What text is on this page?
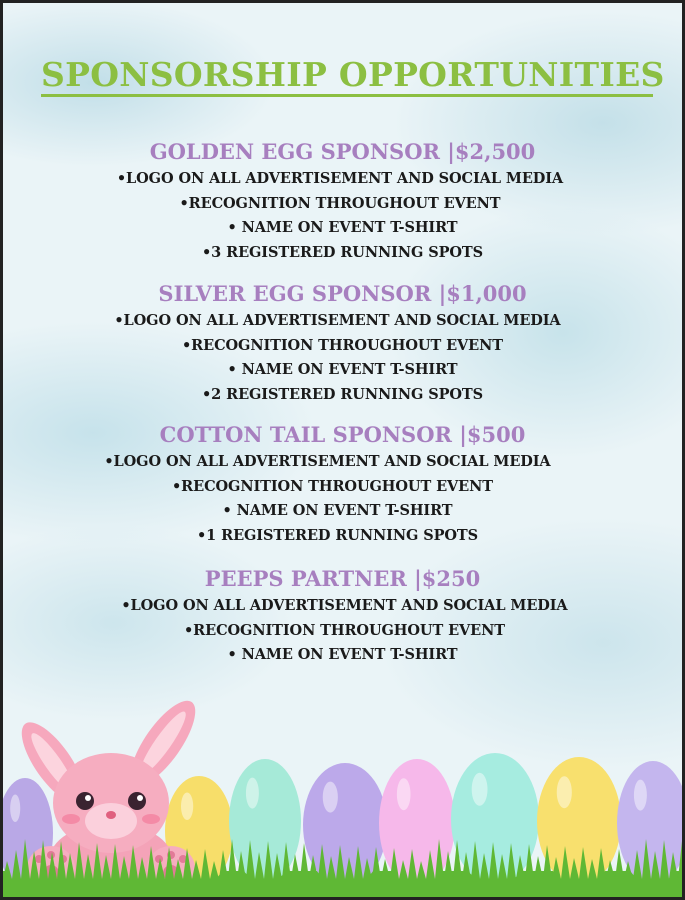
SPONSORSHIP OPPORTUNITIES
GOLDEN EGG SPONSOR |$2,500
•LOGO ON ALL ADVERTISEMENT AND SOCIAL MEDIA
•RECOGNITION THROUGHOUT EVENT
• NAME ON EVENT T-SHIRT
•3 REGISTERED RUNNING SPOTS
SILVER EGG SPONSOR |$1,000
•LOGO ON ALL ADVERTISEMENT AND SOCIAL MEDIA
•RECOGNITION THROUGHOUT EVENT
• NAME ON EVENT T-SHIRT
•2 REGISTERED RUNNING SPOTS
COTTON TAIL SPONSOR |$500
•LOGO ON ALL ADVERTISEMENT AND SOCIAL MEDIA
•RECOGNITION THROUGHOUT EVENT
• NAME ON EVENT T-SHIRT
•1 REGISTERED RUNNING SPOTS
PEEPS PARTNER |$250
•LOGO ON ALL ADVERTISEMENT AND SOCIAL MEDIA
•RECOGNITION THROUGHOUT EVENT
• NAME ON EVENT T-SHIRT
